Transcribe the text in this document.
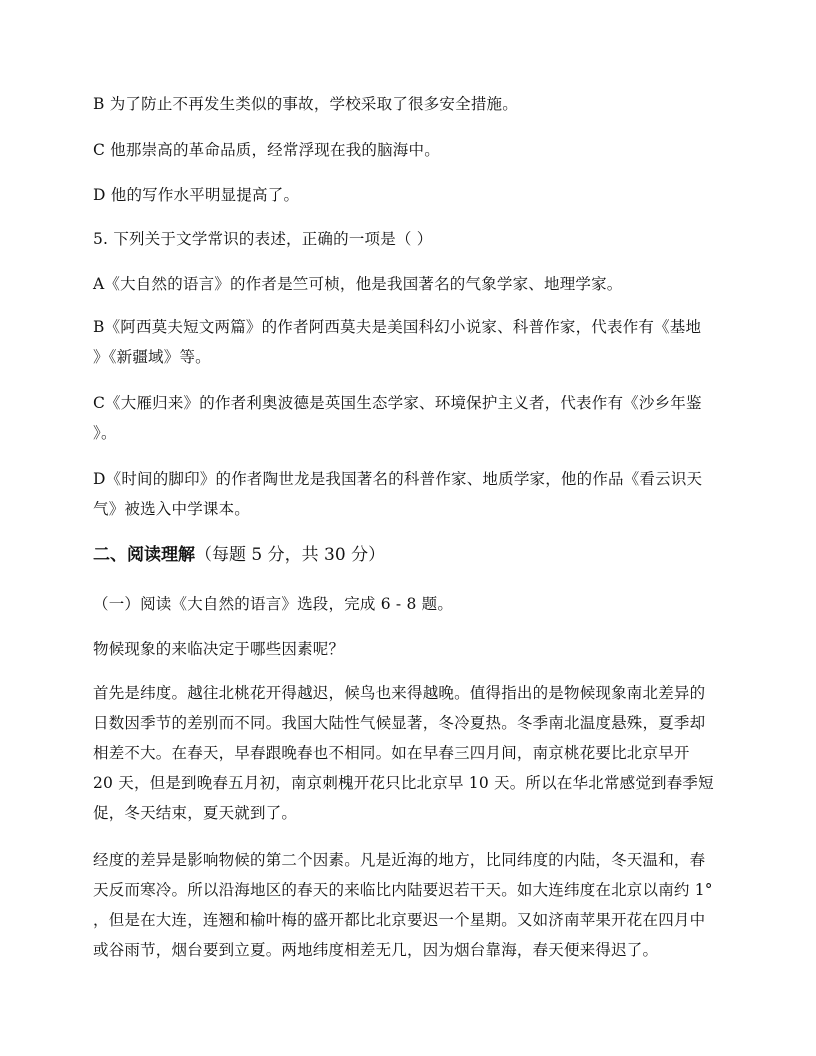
B 为了防止不再发生类似的事故，学校采取了很多安全措施。
C 他那崇高的革命品质，经常浮现在我的脑海中。
D 他的写作水平明显提高了。
5. 下列关于文学常识的表述，正确的一项是（ ）
A《大自然的语言》的作者是竺可桢，他是我国著名的气象学家、地理学家。
B《阿西莫夫短文两篇》的作者阿西莫夫是美国科幻小说家、科普作家，代表作有《基地
》《新疆域》等。
C《大雁归来》的作者利奥波德是英国生态学家、环境保护主义者，代表作有《沙乡年鉴
》。
D《时间的脚印》的作者陶世龙是我国著名的科普作家、地质学家，他的作品《看云识天
气》被选入中学课本。
二、阅读理解（每题 5 分，共 30 分）
（一）阅读《大自然的语言》选段，完成 6 - 8 题。
物候现象的来临决定于哪些因素呢？
首先是纬度。越往北桃花开得越迟，候鸟也来得越晚。值得指出的是物候现象南北差异的
日数因季节的差别而不同。我国大陆性气候显著，冬冷夏热。冬季南北温度悬殊，夏季却
相差不大。在春天，早春跟晚春也不相同。如在早春三四月间，南京桃花要比北京早开
20 天，但是到晚春五月初，南京刺槐开花只比北京早 10 天。所以在华北常感觉到春季短
促，冬天结束，夏天就到了。
经度的差异是影响物候的第二个因素。凡是近海的地方，比同纬度的内陆，冬天温和，春
天反而寒冷。所以沿海地区的春天的来临比内陆要迟若干天。如大连纬度在北京以南约 1°
，但是在大连，连翘和榆叶梅的盛开都比北京要迟一个星期。又如济南苹果开花在四月中
或谷雨节，烟台要到立夏。两地纬度相差无几，因为烟台靠海，春天便来得迟了。
